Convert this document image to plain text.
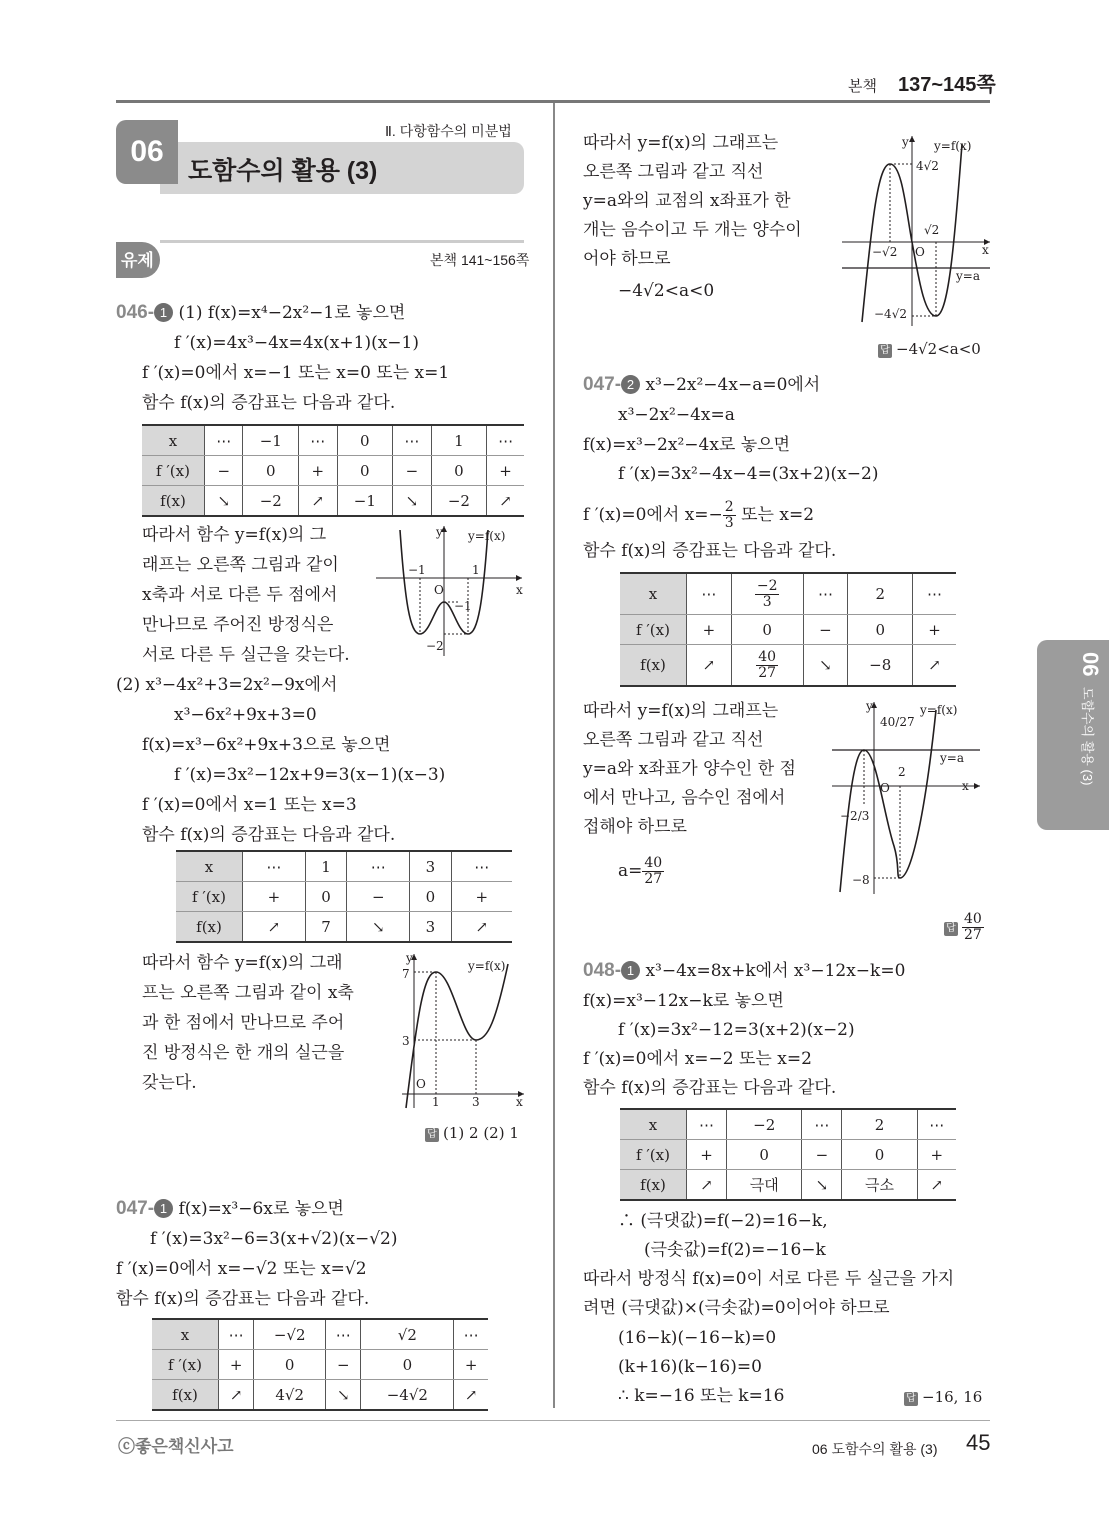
본책 137~145쪽
06
Ⅱ. 다항함수의 미분법
도함수의 활용 (3)
유제	본책 141~156쪽
046- 1 (1) f(x)=x⁴−2x²−1로 놓으면
f ′(x)=4x³−4x=4x(x+1)(x−1)
f ′(x)=0에서 x=−1 또는 x=0 또는 x=1
함수 f(x)의 증감표는 다음과 같다.
x	⋯	−1	⋯	0	⋯	1	⋯
f ′(x)	−	0	+	0	−	0	+
f(x)	↘	−2	↗	−1	↘	−2	↗
따라서 함수 y=f(x)의 그
래프는 오른쪽 그림과 같이
x축과 서로 다른 두 점에서
만나므로 주어진 방정식은
서로 다른 두 실근을 갖는다.
y=f(x)
y
x
O
−1	1
−1
−2
(2) x³−4x²+3=2x²−9x에서
x³−6x²+9x+3=0
f(x)=x³−6x²+9x+3으로 놓으면
f ′(x)=3x²−12x+9=3(x−1)(x−3)
f ′(x)=0에서 x=1 또는 x=3
함수 f(x)의 증감표는 다음과 같다.
x	⋯	1	⋯	3	⋯
f ′(x)	+	0	−	0	+
f(x)	↗	7	↘	3	↗
따라서 함수 y=f(x)의 그래
프는 오른쪽 그림과 같이 x축
과 한 점에서 만나므로 주어
진 방정식은 한 개의 실근을
갖는다.
y=f(x)
y
x
O
7
3
1	3
답 (1) 2 (2) 1
047- 1 f(x)=x³−6x로 놓으면
f ′(x)=3x²−6=3(x+√2)(x−√2)
f ′(x)=0에서 x=−√2 또는 x=√2
함수 f(x)의 증감표는 다음과 같다.
x	⋯	−√2	⋯	√2	⋯
f ′(x)	+	0	−	0	+
f(x)	↗	4√2	↘	−4√2	↗
따라서 y=f(x)의 그래프는
오른쪽 그림과 같고 직선
y=a와의 교점의 x좌표가 한
개는 음수이고 두 개는 양수이
어야 하므로
−4√2<a<0
y=f(x)
y
x
O
4√2
−4√2
−√2
√2
y=a
답 −4√2<a<0
047- 2 x³−2x²−4x−a=0에서
x³−2x²−4x=a
f(x)=x³−2x²−4x로 놓으면
f ′(x)=3x²−4x−4=(3x+2)(x−2)
f ′(x)=0에서 $x=- \frac{2}{3}$ 또는 x=2
함수 f(x)의 증감표는 다음과 같다.
x	⋯	$\frac{-2}{3}$	⋯	2	⋯
f ′(x)	+	0	−	0	+
f(x)	↗	$\frac{40}{27}$	↘	−8	↗
따라서 y=f(x)의 그래프는
오른쪽 그림과 같고 직선
y=a와 x좌표가 양수인 한 점
에서 만나고, 음수인 점에서
접해야 하므로
$a= \frac{40}{27}$
y=f(x)
y
x
O
40/27
2
−2/3
−8
y=a
답 $\frac{40}{27}$
048- 1 x³−4x=8x+k에서 x³−12x−k=0
f(x)=x³−12x−k로 놓으면
f ′(x)=3x²−12=3(x+2)(x−2)
f ′(x)=0에서 x=−2 또는 x=2
함수 f(x)의 증감표는 다음과 같다.
x	⋯	−2	⋯	2	⋯
f ′(x)	+	0	−	0	+
f(x)	↗	극대	↘	극소	↗
∴ (극댓값)=f(−2)=16−k,
(극솟값)=f(2)=−16−k
따라서 방정식 f(x)=0이 서로 다른 두 실근을 가지
려면 (극댓값)×(극솟값)=0이어야 하므로
(16−k)(−16−k)=0
(k+16)(k−16)=0
∴ k=−16 또는 k=16	답 −16, 16
06 도함수의 활용 (3)
ⓒ좋은책신사고	06 도함수의 활용 (3) 45
